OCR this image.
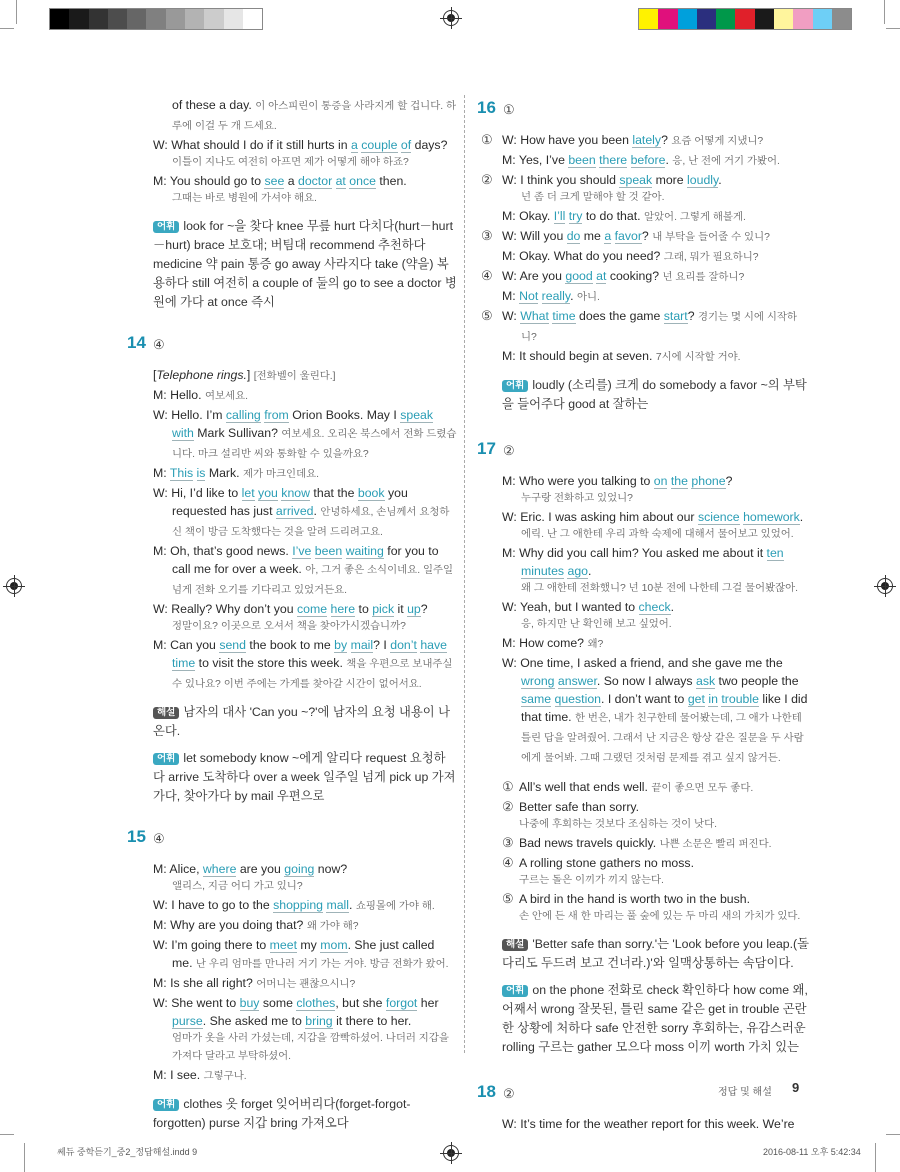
of these a day. 이 아스피린이 통증을 사라지게 할 겁니다. 하루에 이걸 두 개 드세요.
W: What should I do if it still hurts in a couple of days?
이틀이 지나도 여전히 아프면 제가 어떻게 해야 하죠?
M: You should go to see a doctor at once then.
그때는 바로 병원에 가셔야 해요.
어휘 look for ~을 찾다 knee 무릎 hurt 다치다(hurt－hurt－hurt) brace 보호대; 버팀대 recommend 추천하다 medicine 약 pain 통증 go away 사라지다 take (약을) 복용하다 still 여전히 a couple of 둘의 go to see a doctor 병원에 가다 at once 즉시
14 ④
[Telephone rings.] [전화벨이 울린다.]
M: Hello. 여보세요.
W: Hello. I’m calling from Orion Books. May I speak with Mark Sullivan? 여보세요. 오리온 북스에서 전화 드렸습니다. 마크 설리반 씨와 통화할 수 있을까요?
M: This is Mark. 제가 마크인데요.
W: Hi, I’d like to let you know that the book you requested has just arrived. 안녕하세요, 손님께서 요청하신 책이 방금 도착했다는 것을 알려 드리려고요.
M: Oh, that’s good news. I’ve been waiting for you to call me for over a week. 아, 그거 좋은 소식이네요. 일주일 넘게 전화 오기를 기다리고 있었거든요.
W: Really? Why don’t you come here to pick it up?
정말이요? 이곳으로 오셔서 책을 찾아가시겠습니까?
M: Can you send the book to me by mail? I don’t have time to visit the store this week. 책을 우편으로 보내주실 수 있나요? 이번 주에는 가게를 찾아갈 시간이 없어서요.
해설 남자의 대사 'Can you ~?'에 남자의 요청 내용이 나온다.
어휘 let somebody know ~에게 알리다 request 요청하다 arrive 도착하다 over a week 일주일 넘게 pick up 가져가다, 찾아가다 by mail 우편으로
15 ④
M: Alice, where are you going now?
앨리스, 지금 어디 가고 있니?
W: I have to go to the shopping mall. 쇼핑몰에 가야 해.
M: Why are you doing that? 왜 가야 해?
W: I’m going there to meet my mom. She just called me. 난 우리 엄마를 만나러 거기 가는 거야. 방금 전화가 왔어.
M: Is she all right? 어머니는 괜찮으시니?
W: She went to buy some clothes, but she forgot her purse. She asked me to bring it there to her.
엄마가 옷을 사러 가셨는데, 지갑을 깜빡하셨어. 나더러 지갑을 가져다 달라고 부탁하셨어.
M: I see. 그렇구나.
어휘 clothes 옷 forget 잊어버리다(forget-forgot-forgotten) purse 지갑 bring 가져오다
16 ①
① W: How have you been lately? 요즘 어떻게 지냈니?
M: Yes, I’ve been there before. 응, 난 전에 거기 가봤어.
② W: I think you should speak more loudly.
넌 좀 더 크게 말해야 할 것 같아.
M: Okay. I’ll try to do that. 알았어. 그렇게 해볼게.
③ W: Will you do me a favor? 내 부탁을 들어줄 수 있니?
M: Okay. What do you need? 그래, 뭐가 필요하니?
④ W: Are you good at cooking? 넌 요리를 잘하니?
M: Not really. 아니.
⑤ W: What time does the game start? 경기는 몇 시에 시작하니?
M: It should begin at seven. 7시에 시작할 거야.
어휘 loudly (소리를) 크게 do somebody a favor ~의 부탁을 들어주다 good at 잘하는
17 ②
M: Who were you talking to on the phone?
누구랑 전화하고 있었니?
W: Eric. I was asking him about our science homework.
에릭. 난 그 애한테 우리 과학 숙제에 대해서 물어보고 있었어.
M: Why did you call him? You asked me about it ten minutes ago.
왜 그 애한테 전화했니? 넌 10분 전에 나한테 그걸 물어봤잖아.
W: Yeah, but I wanted to check.
응, 하지만 난 확인해 보고 싶었어.
M: How come? 왜?
W: One time, I asked a friend, and she gave me the wrong answer. So now I always ask two people the same question. I don’t want to get in trouble like I did that time. 한 번은, 내가 친구한테 물어봤는데, 그 애가 나한테 틀린 답을 알려줬어. 그래서 난 지금은 항상 같은 질문을 두 사람에게 물어봐. 그때 그랬던 것처럼 문제를 겪고 싶지 않거든.
① All’s well that ends well. 끝이 좋으면 모두 좋다.
② Better safe than sorry.
나중에 후회하는 것보다 조심하는 것이 낫다.
③ Bad news travels quickly. 나쁜 소문은 빨리 퍼진다.
④ A rolling stone gathers no moss.
구르는 돌은 이끼가 끼지 않는다.
⑤ A bird in the hand is worth two in the bush.
손 안에 든 새 한 마리는 풀 숲에 있는 두 마리 새의 가치가 있다.
해설 'Better safe than sorry.'는 'Look before you leap.(돌다리도 두드려 보고 건너라.)'와 일맥상통하는 속담이다.
어휘 on the phone 전화로 check 확인하다 how come 왜, 어째서 wrong 잘못된, 틀린 same 같은 get in trouble 곤란한 상황에 처하다 safe 안전한 sorry 후회하는, 유감스러운 rolling 구르는 gather 모으다 moss 이끼 worth 가치 있는
18 ②
W: It’s time for the weather report for this week. We’re
정답 및 해설 9
쎄듀 중학듣기_중2_정답해설.indd 9	2016-08-11 오후 5:42:34
